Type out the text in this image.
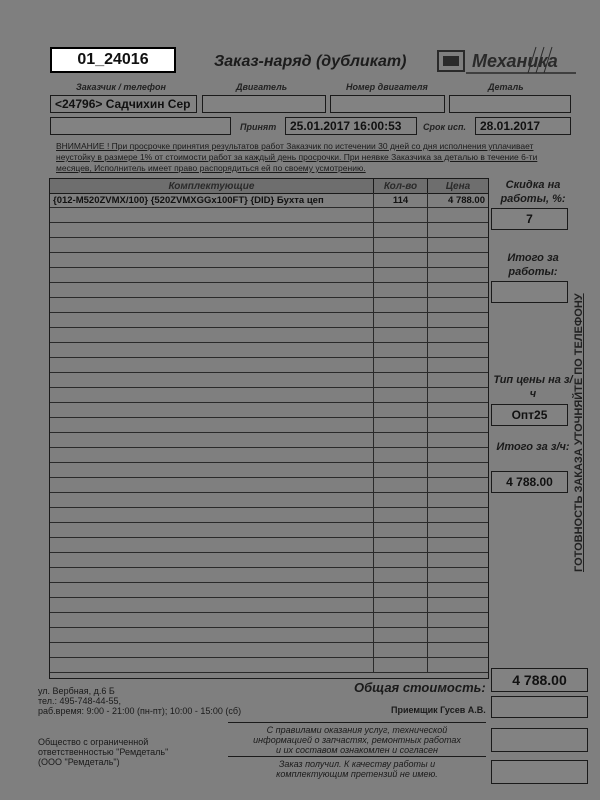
01_24016	Заказ-наряд (дубликат)	Механика
Заказчик / телефон	Двигатель	Номер двигателя	Деталь
<24796> Садчихин Сер
Принят	25.01.2017 16:00:53	Срок исп.	28.01.2017
ВНИМАНИЕ ! При просрочке принятия результатов работ Заказчик по истечении 30 дней со дня исполнения уплачивает неустойку в размере 1% от стоимости работ за каждый день просрочки. При неявке Заказчика за деталью в течение 6-ти месяцев, Исполнитель имеет право распорядиться ей по своему усмотрению.
Комплектующие	Кол-во	Цена
{012-M520ZVMX/100} {520ZVMXGGx100FT} {DID} Бухта цеп	114	4 788.00
Скидка на работы, %:
7
Итого за работы:
Тип цены на з/ч
Опт25
Итого за з/ч:
4 788.00	ГОТОВНОСТЬ ЗАКАЗА УТОЧНЯЙТЕ ПО ТЕЛЕФОНУ
Общая стоимость:	4 788.00
ул. Вербная, д.6 Б
тел.: 495-748-44-55,
раб.время: 9:00 - 21:00 (пн-пт); 10:00 - 15:00 (сб)	Приемщик Гусев А.В.
Общество с ограниченной
ответственностью "Ремдеталь"
(ООО "Ремдеталь")
С правилами оказания услуг, технической
информацией о запчастях, ремонтных работах
и их составом ознакомлен и согласен
Заказ получил. К качеству работы и
комплектующим претензий не имею.
